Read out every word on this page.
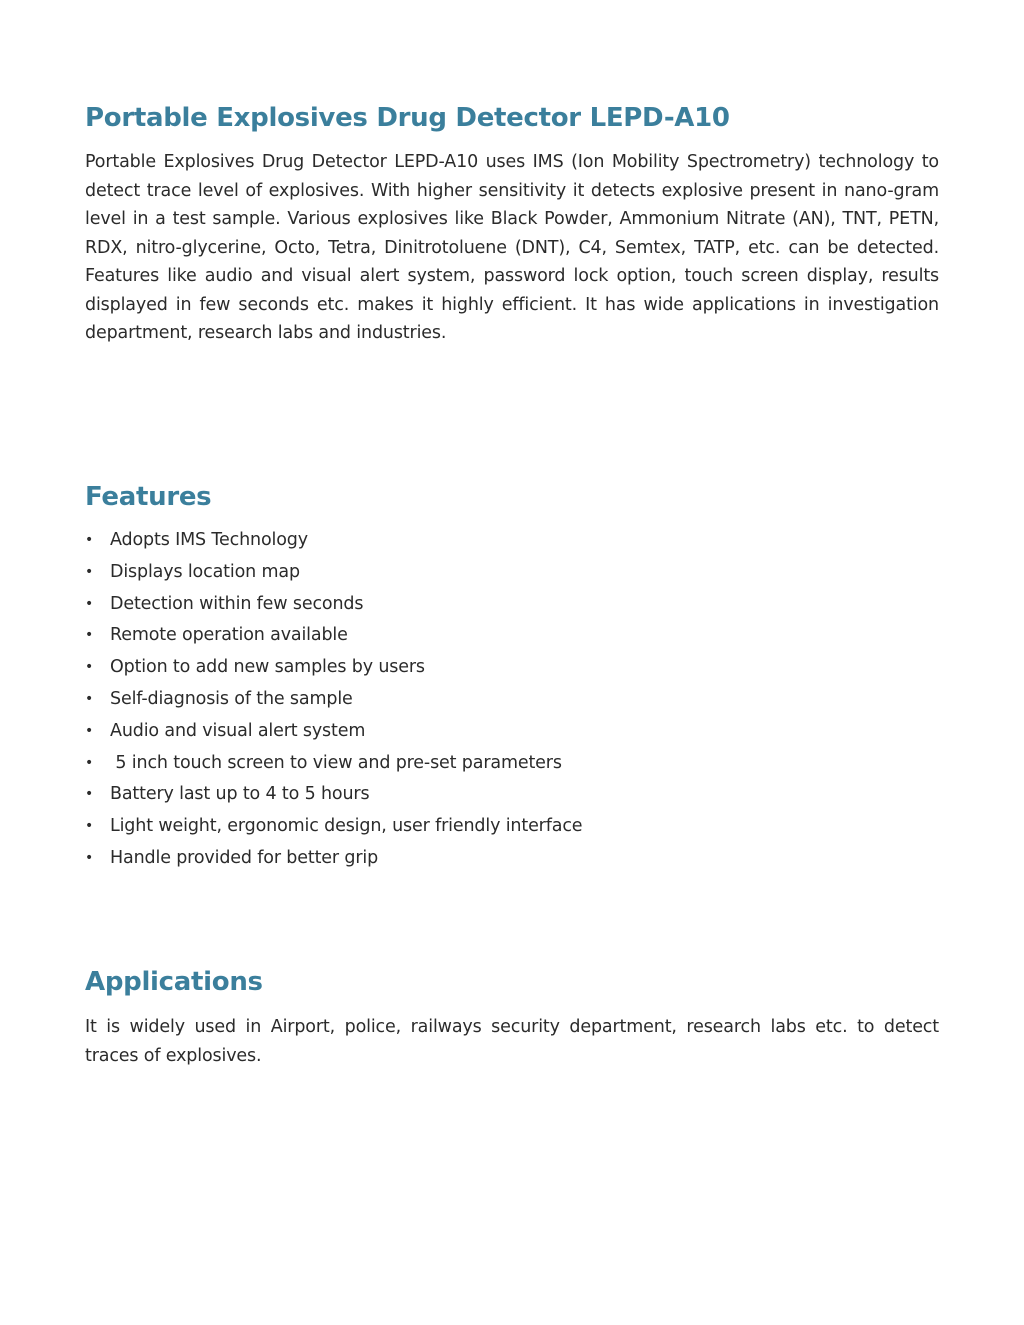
Portable Explosives Drug Detector LEPD-A10

Portable Explosives Drug Detector LEPD-A10 uses IMS (Ion Mobility Spectrometry) technology to detect trace level of explosives. With higher sensitivity it detects explosive present in nano-gram level in a test sample. Various explosives like Black Powder, Ammonium Nitrate (AN), TNT, PETN, RDX, nitro-glycerine, Octo, Tetra, Dinitrotoluene (DNT), C4, Semtex, TATP, etc. can be detected. Features like audio and visual alert system, password lock option, touch screen display, results displayed in few seconds etc. makes it highly efficient. It has wide applications in investigation department, research labs and industries.

Features
• Adopts IMS Technology
• Displays location map
• Detection within few seconds
• Remote operation available
• Option to add new samples by users
• Self-diagnosis of the sample
• Audio and visual alert system
• 5 inch touch screen to view and pre-set parameters
• Battery last up to 4 to 5 hours
• Light weight, ergonomic design, user friendly interface
• Handle provided for better grip
Applications

It is widely used in Airport, police, railways security department, research labs etc. to detect traces of explosives.
